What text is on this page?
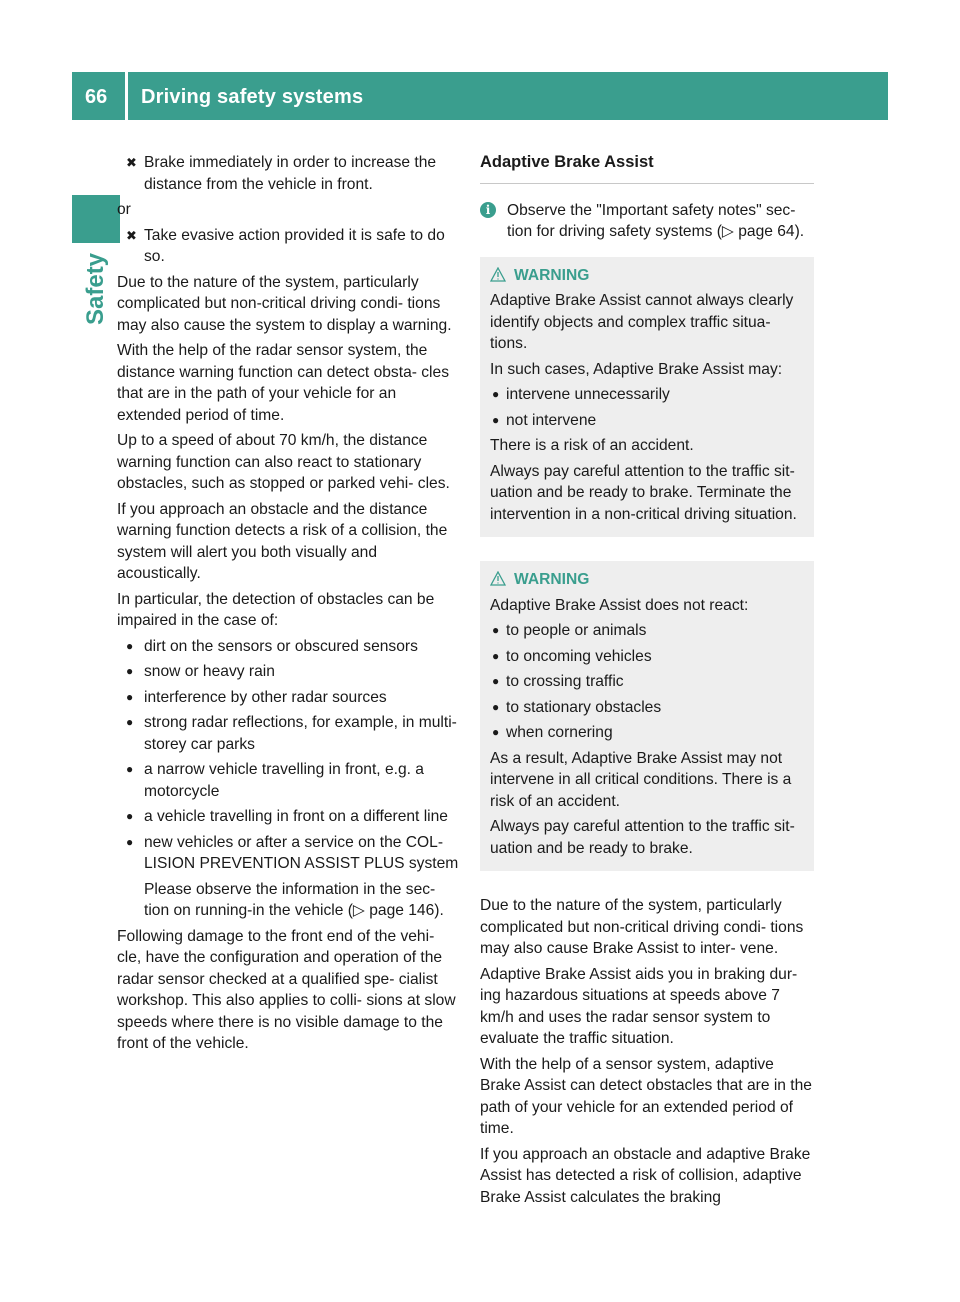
66 Driving safety systems
Safety
✖ Brake immediately in order to increase the distance from the vehicle in front.
or
✖ Take evasive action provided it is safe to do so.
Due to the nature of the system, particularly complicated but non-critical driving condi- tions may also cause the system to display a warning.
With the help of the radar sensor system, the distance warning function can detect obsta- cles that are in the path of your vehicle for an extended period of time.
Up to a speed of about 70 km/h, the distance warning function can also react to stationary obstacles, such as stopped or parked vehi- cles.
If you approach an obstacle and the distance warning function detects a risk of a collision, the system will alert you both visually and acoustically.
In particular, the detection of obstacles can be impaired in the case of:
● dirt on the sensors or obscured sensors
● snow or heavy rain
● interference by other radar sources
● strong radar reflections, for example, in multi-storey car parks
● a narrow vehicle travelling in front, e.g. a motorcycle
● a vehicle travelling in front on a different line
● new vehicles or after a service on the COL- LISION PREVENTION ASSIST PLUS system
Please observe the information in the sec- tion on running-in the vehicle (▷ page 146).
Following damage to the front end of the vehi- cle, have the configuration and operation of the radar sensor checked at a qualified spe- cialist workshop. This also applies to colli- sions at slow speeds where there is no visible damage to the front of the vehicle.
Adaptive Brake Assist
i	Observe the "Important safety notes" sec- tion for driving safety systems (▷ page 64).
WARNING
Adaptive Brake Assist cannot always clearly identify objects and complex traffic situa- tions.
In such cases, Adaptive Brake Assist may:
● intervene unnecessarily
● not intervene
There is a risk of an accident.
Always pay careful attention to the traffic sit- uation and be ready to brake. Terminate the intervention in a non-critical driving situation.
WARNING
Adaptive Brake Assist does not react:
● to people or animals
● to oncoming vehicles
● to crossing traffic
● to stationary obstacles
● when cornering
As a result, Adaptive Brake Assist may not intervene in all critical conditions. There is a risk of an accident.
Always pay careful attention to the traffic sit- uation and be ready to brake.
Due to the nature of the system, particularly complicated but non-critical driving condi- tions may also cause Brake Assist to inter- vene.
Adaptive Brake Assist aids you in braking dur- ing hazardous situations at speeds above 7 km/h and uses the radar sensor system to evaluate the traffic situation.
With the help of a sensor system, adaptive Brake Assist can detect obstacles that are in the path of your vehicle for an extended period of time.
If you approach an obstacle and adaptive Brake Assist has detected a risk of collision, adaptive Brake Assist calculates the braking
